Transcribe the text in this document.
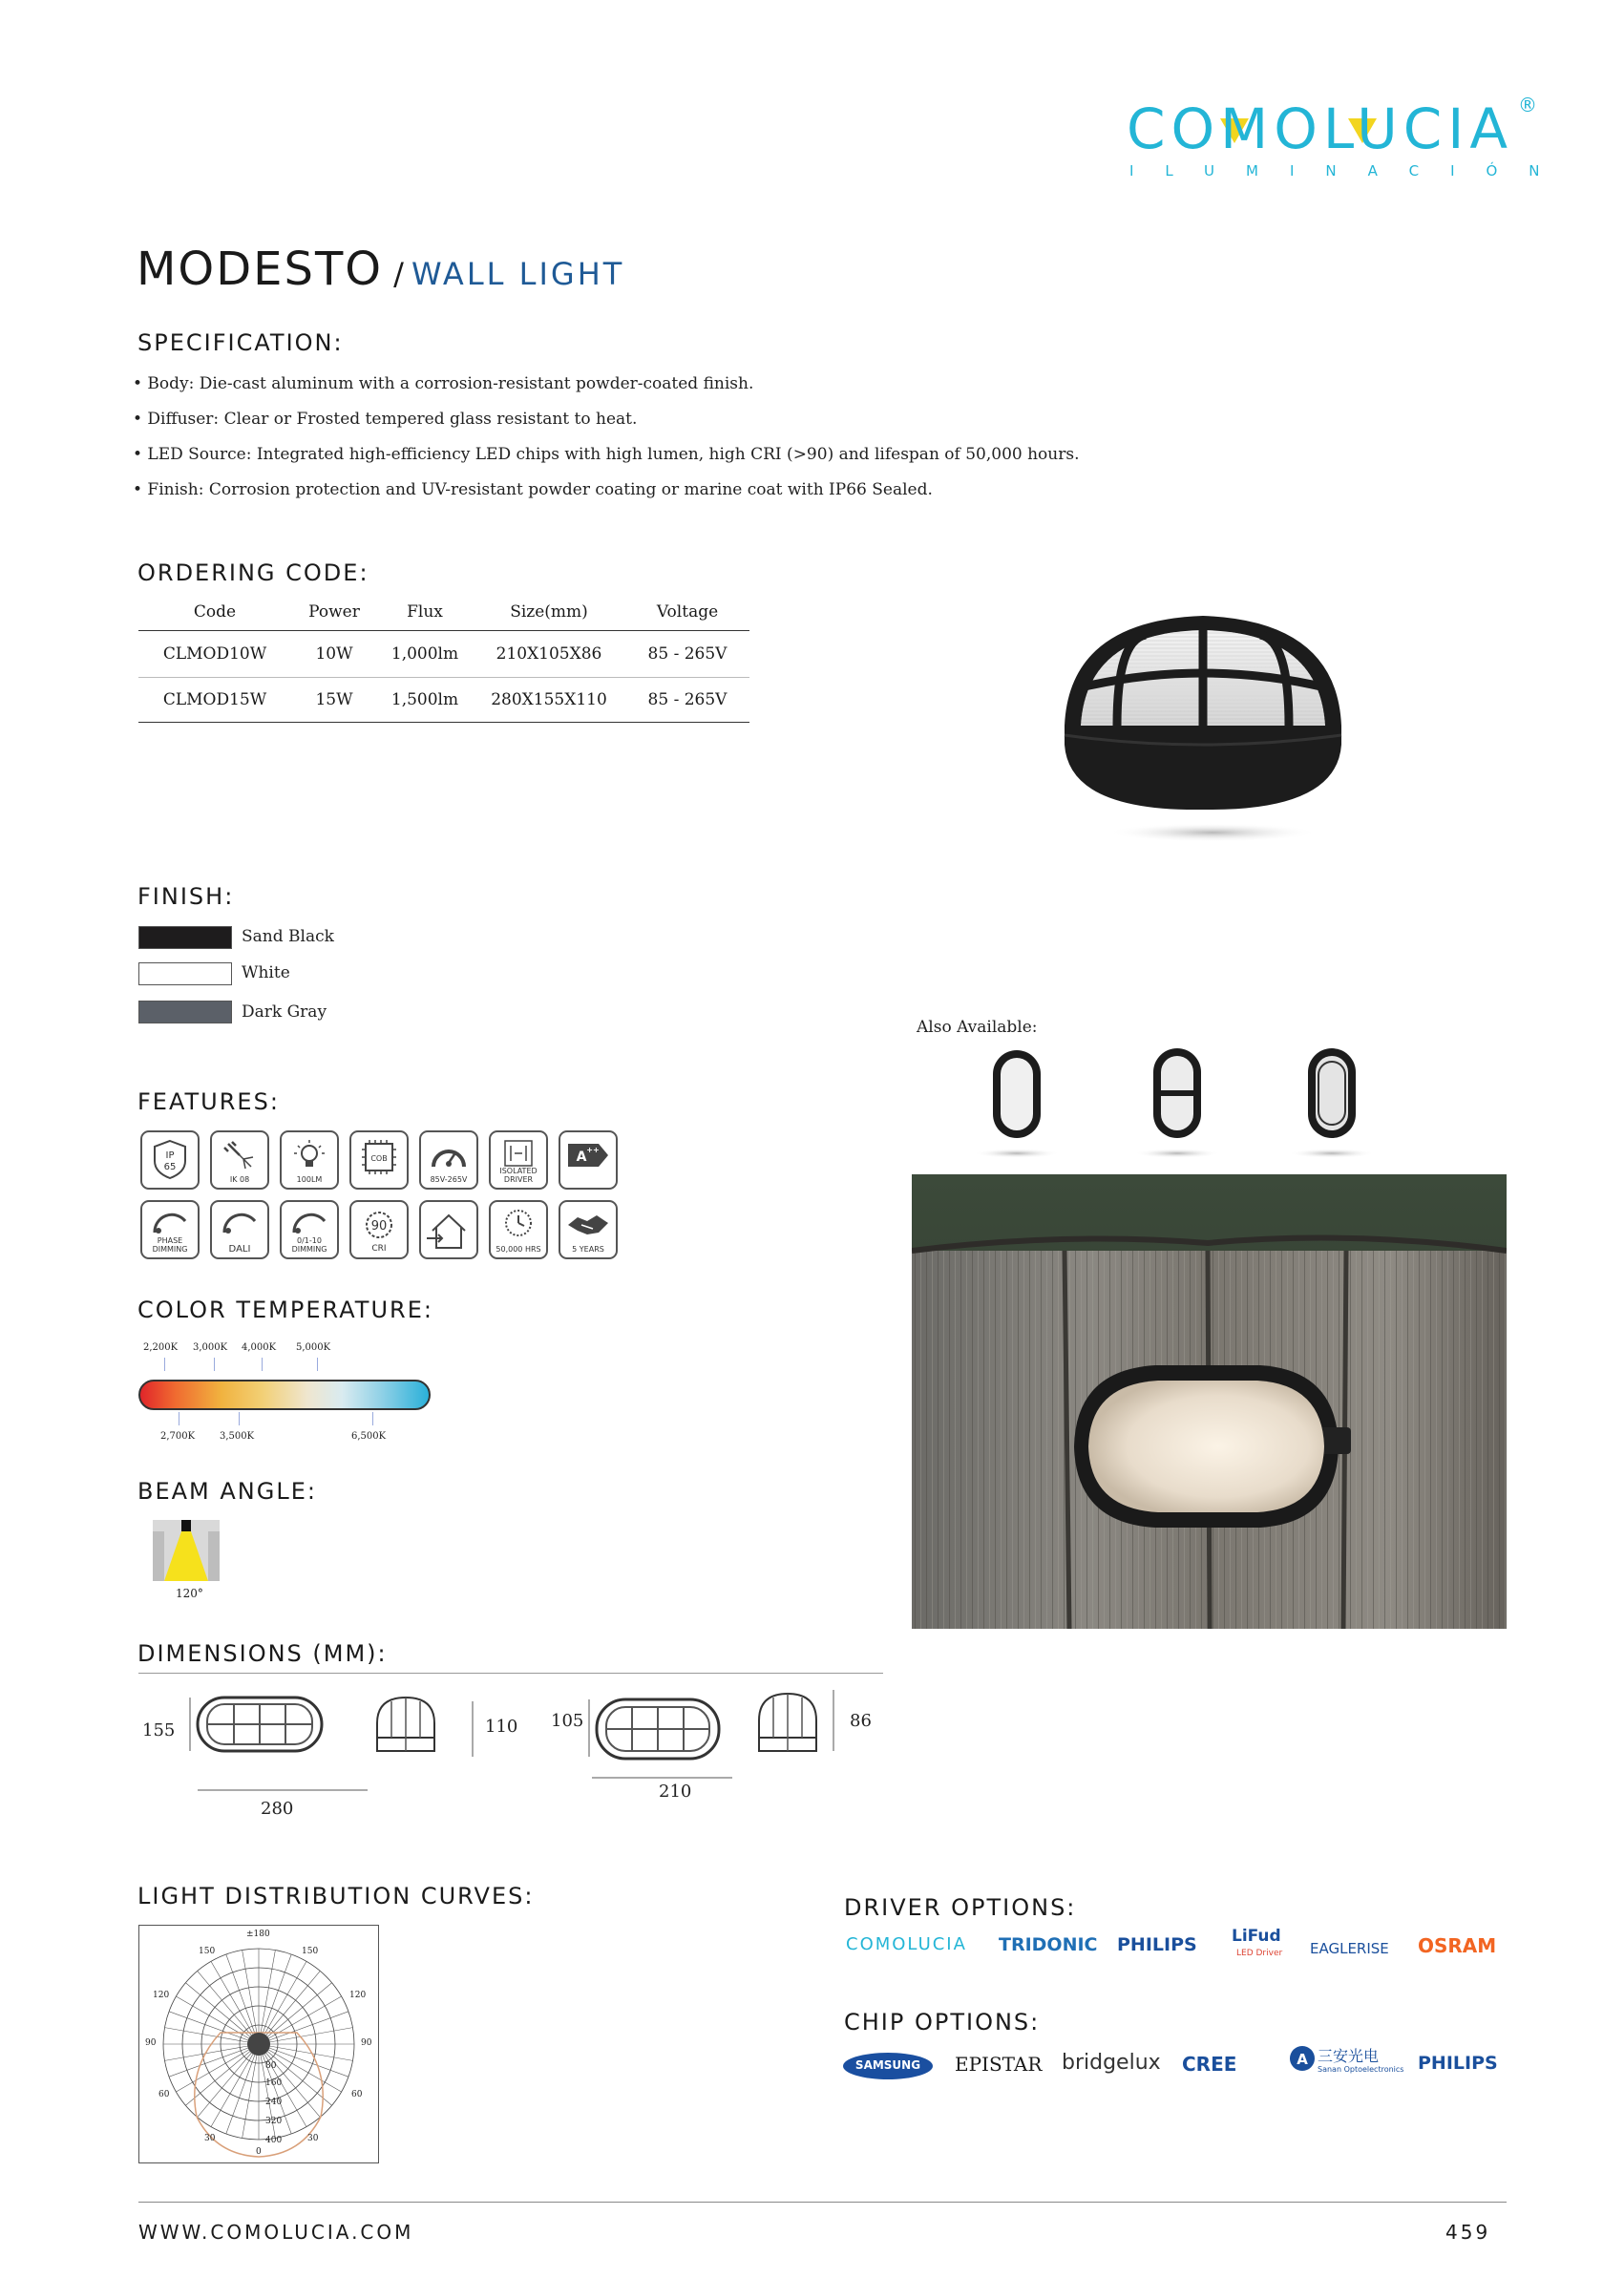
COMOLUCIA ®
ILUMINACIÓN
MODESTO / WALL LIGHT
SPECIFICATION:
• Body: Die-cast aluminum with a corrosion-resistant powder-coated finish.
• Diffuser: Clear or Frosted tempered glass resistant to heat.
• LED Source: Integrated high-efficiency LED chips with high lumen, high CRI (>90) and lifespan of 50,000 hours.
• Finish: Corrosion protection and UV-resistant powder coating or marine coat with IP66 Sealed.
ORDERING CODE:
Code	Power	Flux	Size(mm)	Voltage
CLMOD10W	10W	1,000lm	210X105X86	85 - 265V
CLMOD15W	15W	1,500lm	280X155X110	85 - 265V
FINISH:
Sand Black
White
Dark Gray
Also Available:
FEATURES:
IP
65
IK 08	100LM
COB
85V-265V
ISOLATED DRIVER
A ++
PHASE DIMMING	DALI
0/1-10 DIMMING
90
CRI	50,000 HRS	5 YEARS
COLOR TEMPERATURE:
2,200K 3,000K 4,000K 5,000K
2,700K	3,500K	6,500K
BEAM ANGLE:
120°
DIMENSIONS (MM):
155
280
110 105
210
86
LIGHT DISTRIBUTION CURVES:
±180
150	150
120	120
90	90
60	60
30	30
0
80
160
240
320
400
DRIVER OPTIONS:
COMOLUCIA TRIDONIC PHILIPS LiFud
LED Driver EAGLERISE OSRAM
CHIP OPTIONS:
SAMSUNG	EPISTAR bridgelux CREE	A 三安光电
Sanan Optoelectronics PHILIPS
WWW.COMOLUCIA.COM	459
